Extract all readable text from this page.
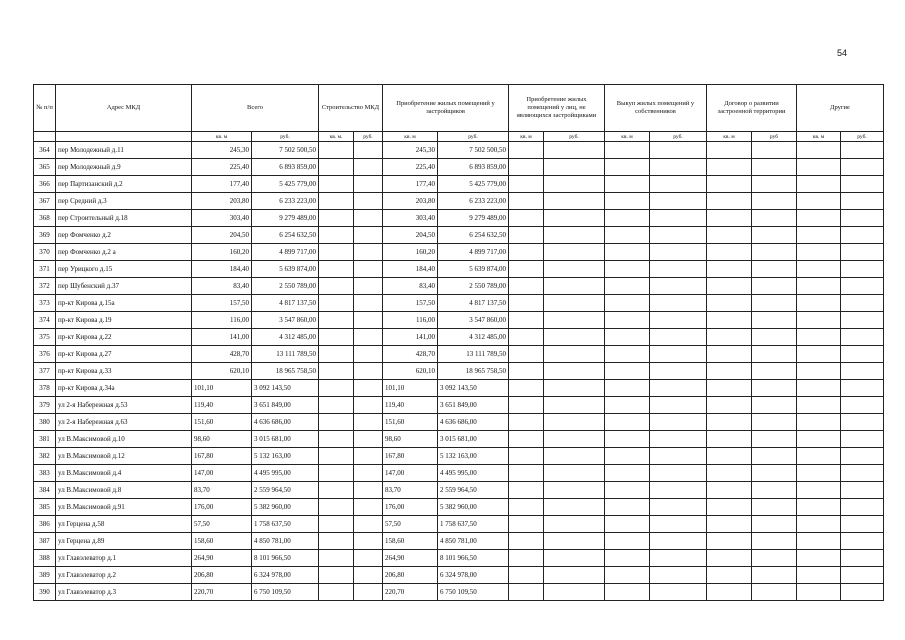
54
№ п/п	Адрес МКД	Всего		Строительство МКД		Приобретение жилых помещений у застройщиков		Приобретение жилых помещений у лиц, не являющихся застройщиками		Выкуп жилых помещений у собственников		Договор о развитии застроенной территории		Другие	
		кв. м	руб.	кв. м.	руб.	кв. м	руб.	кв. м	руб.	кв. м	руб.	кв. м	руб	кв. м	руб.
364	пер Молодежный д.11	245,30	7 502 500,50			245,30	7 502 500,50								
365	пер Молодежный д.9	225,40	6 893 859,00			225,40	6 893 859,00								
366	пер Партизанский д.2	177,40	5 425 779,00			177,40	5 425 779,00								
367	пер Средний д.3	203,80	6 233 223,00			203,80	6 233 223,00								
368	пер Строительный д.18	303,40	9 279 489,00			303,40	9 279 489,00								
369	пер Фомченко д.2	204,50	6 254 632,50			204,50	6 254 632,50								
370	пер Фомченко д.2 а	160,20	4 899 717,00			160,20	4 899 717,00								
371	пер Урицкого д.15	184,40	5 639 874,00			184,40	5 639 874,00								
372	пер Шубенский д.37	83,40	2 550 789,00			83,40	2 550 789,00								
373	пр-кт Кирова д.15а	157,50	4 817 137,50			157,50	4 817 137,50								
374	пр-кт Кирова д.19	116,00	3 547 860,00			116,00	3 547 860,00								
375	пр-кт Кирова д.22	141,00	4 312 485,00			141,00	4 312 485,00								
376	пр-кт Кирова д.27	428,70	13 111 789,50			428,70	13 111 789,50								
377	пр-кт Кирова д.33	620,10	18 965 758,50			620,10	18 965 758,50								
378	пр-кт Кирова д.34а	101,10	3 092 143,50			101,10	3 092 143,50								
379	ул 2-я Набережная д.53	119,40	3 651 849,00			119,40	3 651 849,00								
380	ул 2-я Набережная д.63	151,60	4 636 686,00			151,60	4 636 686,00								
381	ул В.Максимовой д.10	98,60	3 015 681,00			98,60	3 015 681,00								
382	ул В.Максимовой д.12	167,80	5 132 163,00			167,80	5 132 163,00								
383	ул В.Максимовой д.4	147,00	4 495 995,00			147,00	4 495 995,00								
384	ул В.Максимовой д.8	83,70	2 559 964,50			83,70	2 559 964,50								
385	ул В.Максимовой д.91	176,00	5 382 960,00			176,00	5 382 960,00								
386	ул Герцена д.58	57,50	1 758 637,50			57,50	1 758 637,50								
387	ул Герцена д.89	158,60	4 850 781,00			158,60	4 850 781,00								
388	ул Главэлеватор д.1	264,90	8 101 966,50			264,90	8 101 966,50								
389	ул Главэлеватор д.2	206,80	6 324 978,00			206,80	6 324 978,00								
390	ул Главэлеватор д.3	220,70	6 750 109,50			220,70	6 750 109,50								
